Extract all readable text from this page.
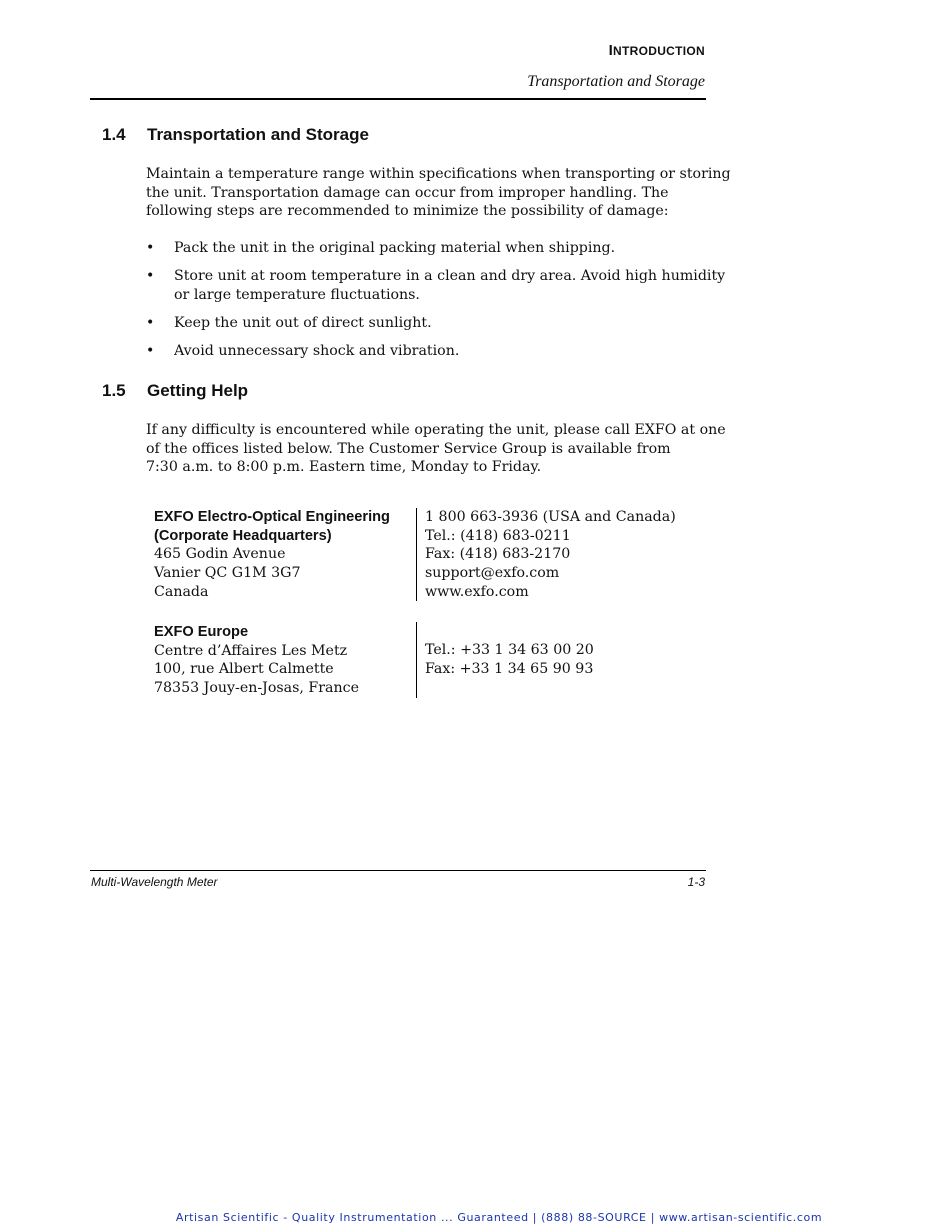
INTRODUCTION
Transportation and Storage
1.4 Transportation and Storage
Maintain a temperature range within specifications when transporting or storing
the unit. Transportation damage can occur from improper handling. The
following steps are recommended to minimize the possibility of damage:
• Pack the unit in the original packing material when shipping.
• Store unit at room temperature in a clean and dry area. Avoid high humidity
or large temperature fluctuations.
• Keep the unit out of direct sunlight.
• Avoid unnecessary shock and vibration.
1.5 Getting Help
If any difficulty is encountered while operating the unit, please call EXFO at one
of the offices listed below. The Customer Service Group is available from
7:30 a.m. to 8:00 p.m. Eastern time, Monday to Friday.
EXFO Electro-Optical Engineering
(Corporate Headquarters)
465 Godin Avenue
Vanier QC G1M 3G7
Canada
1 800 663-3936 (USA and Canada)
Tel.: (418) 683-0211
Fax: (418) 683-2170
support@exfo.com
www.exfo.com
EXFO Europe
Centre d’Affaires Les Metz
100, rue Albert Calmette
78353 Jouy-en-Josas, France
Tel.: +33 1 34 63 00 20
Fax: +33 1 34 65 90 93
Multi-Wavelength Meter	1-3
Artisan Scientific - Quality Instrumentation ... Guaranteed | (888) 88-SOURCE | www.artisan-scientific.com
